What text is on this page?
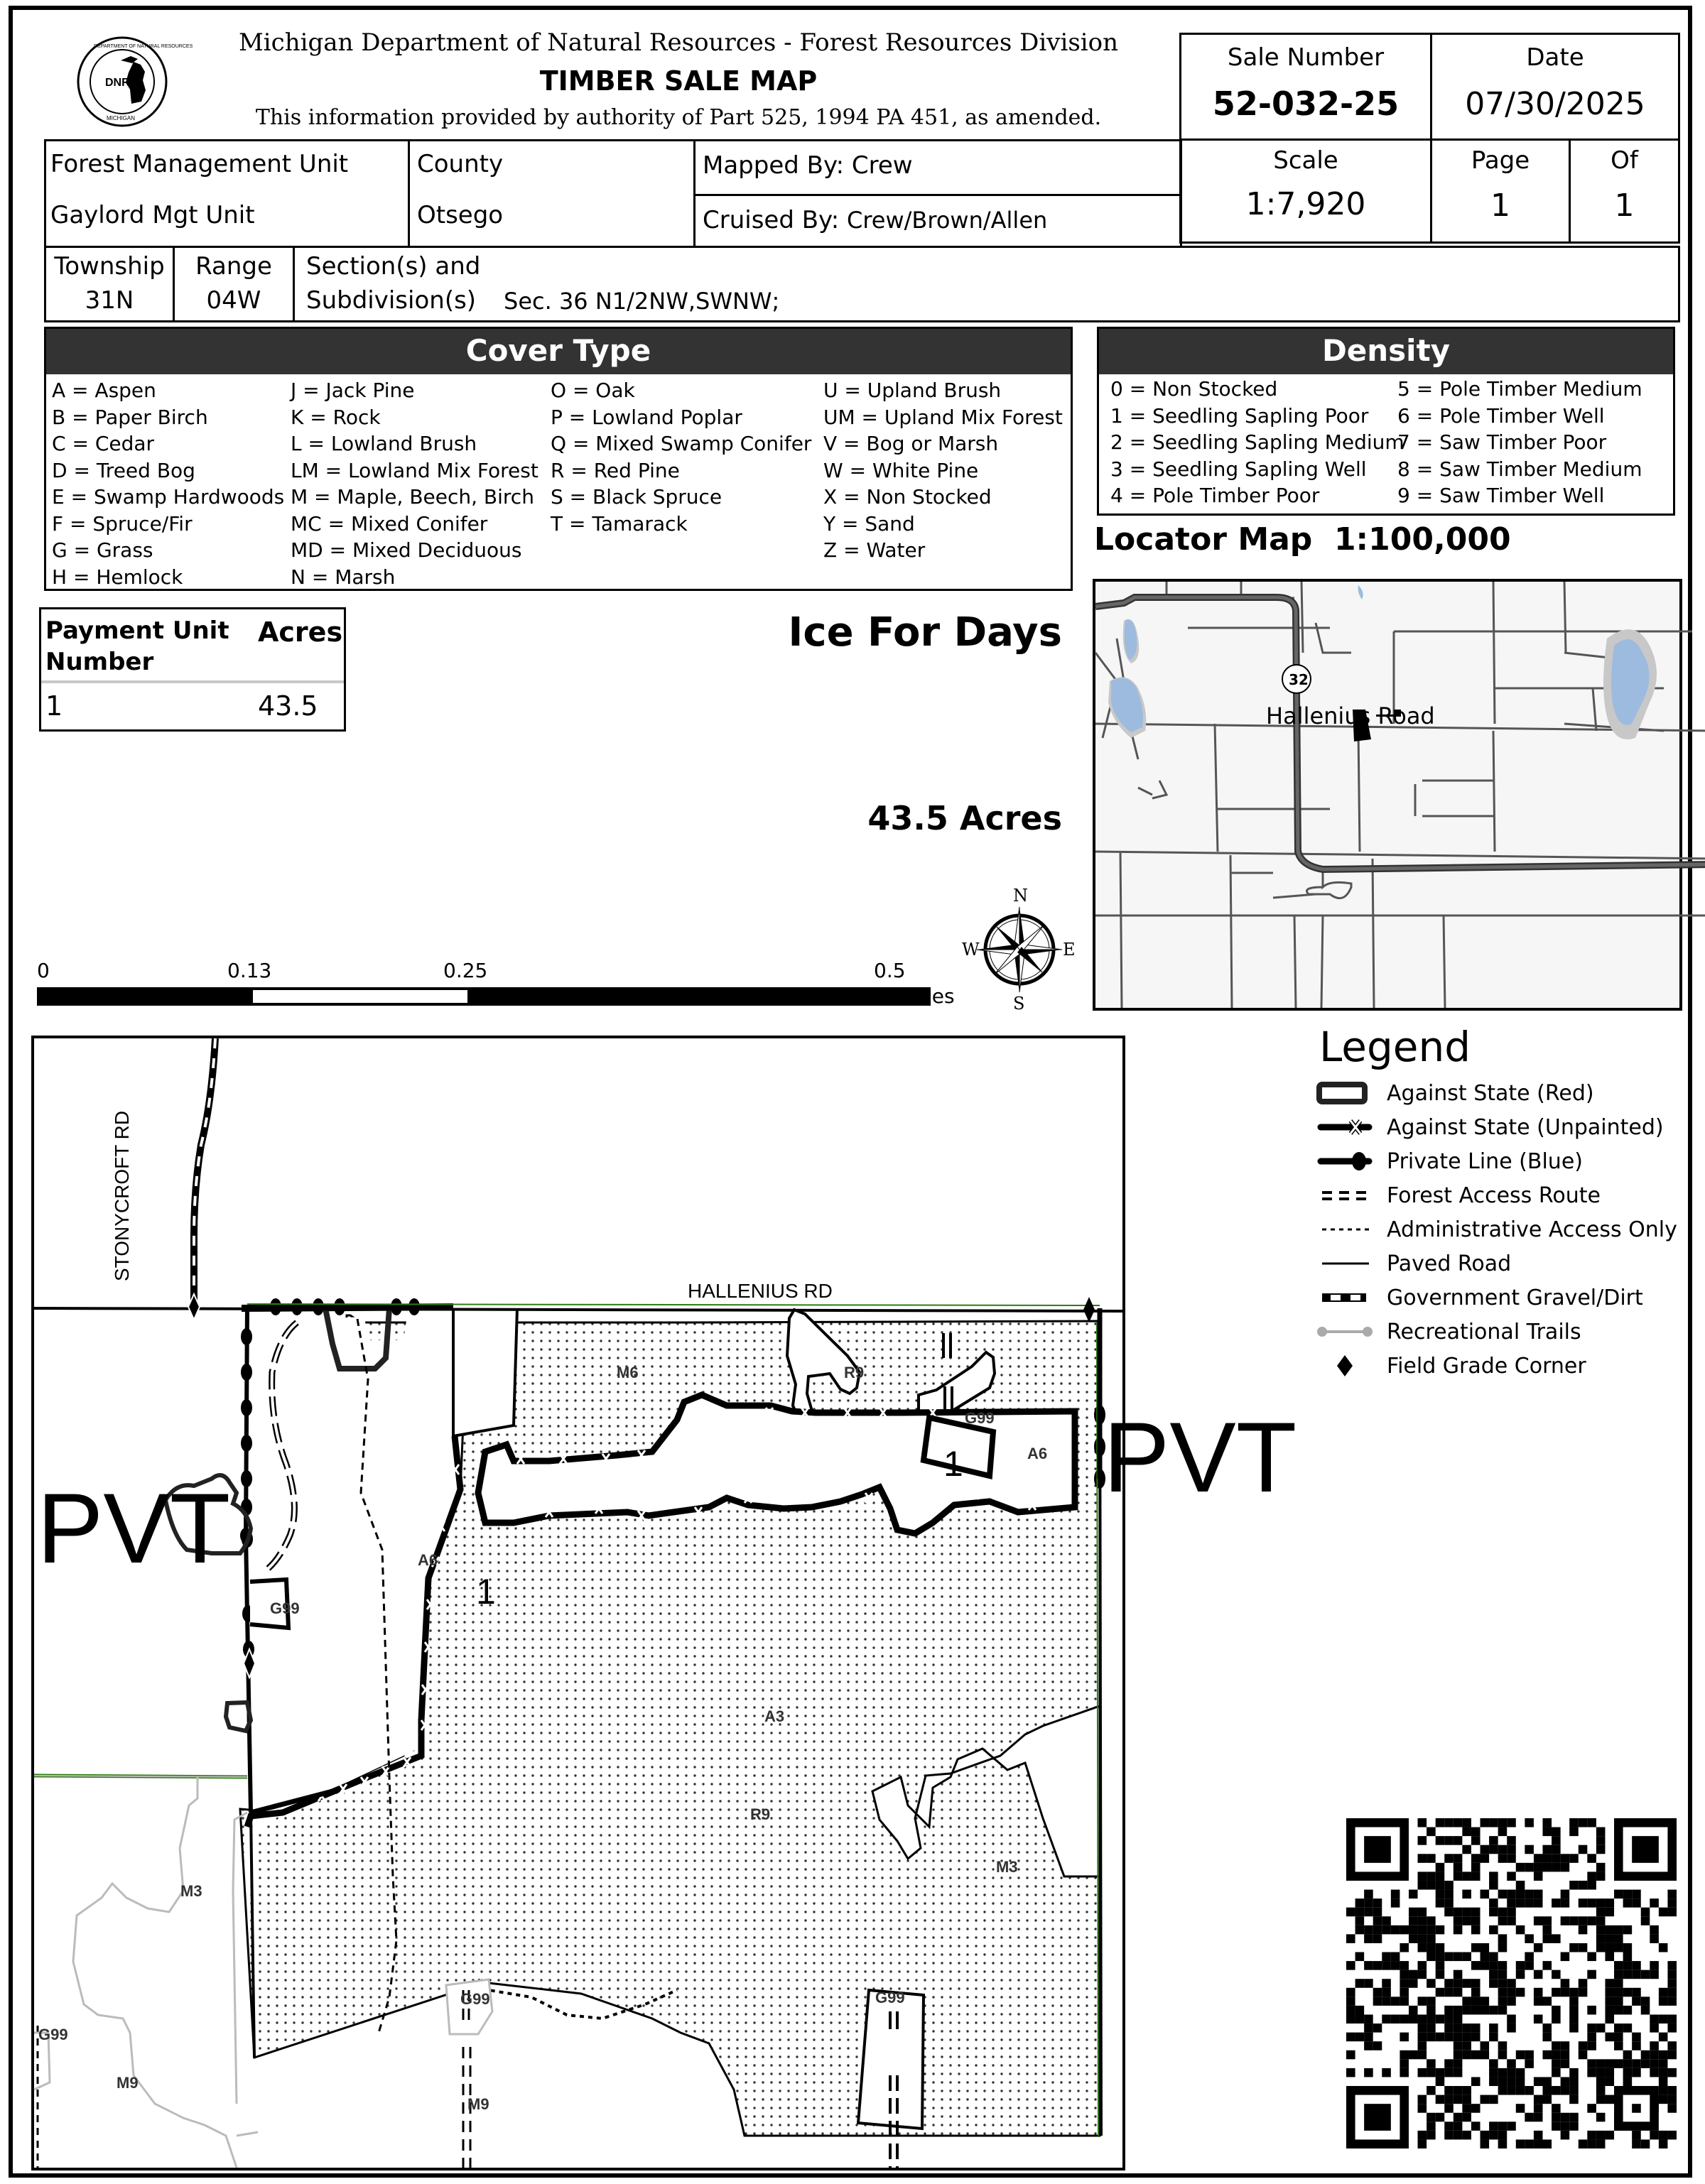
DNR
MICHIGAN
DEPARTMENT OF NATURAL RESOURCES	Michigan Department of Natural Resources - Forest Resources Division
TIMBER SALE MAP
This information provided by authority of Part 525, 1994 PA 451, as amended.
Sale Number
52-032-25
Date
07/30/2025
Scale
1:7,920
Page
1
Of
1
Forest Management Unit
Gaylord Mgt Unit
County
Otsego
Mapped By: Crew
Cruised By: Crew/Brown/Allen
Township
31N
Range
04W
Section(s) and
Subdivision(s) Sec. 36 N1/2NW,SWNW;
Cover Type
A = Aspen
B = Paper Birch
C = Cedar
D = Treed Bog
E = Swamp Hardwoods
F = Spruce/Fir
G = Grass
H = Hemlock
J = Jack Pine
K = Rock
L = Lowland Brush
LM = Lowland Mix Forest
M = Maple, Beech, Birch
MC = Mixed Conifer
MD = Mixed Deciduous
N = Marsh
O = Oak
P = Lowland Poplar
Q = Mixed Swamp Conifer
R = Red Pine
S = Black Spruce
T = Tamarack
U = Upland Brush
UM = Upland Mix Forest
V = Bog or Marsh
W = White Pine
X = Non Stocked
Y = Sand
Z = Water
Density
0 = Non Stocked
1 = Seedling Sapling Poor
2 = Seedling Sapling Medium
3 = Seedling Sapling Well
4 = Pole Timber Poor
5 = Pole Timber Medium
6 = Pole Timber Well
7 = Saw Timber Poor
8 = Saw Timber Medium
9 = Saw Timber Well
Locator Map 1:100,000
Payment Unit Number
Acres
1	43.5
Ice For Days
43.5 Acres
0	0.13	0.25	0.5
Miles
N
S
W	E
32
Hallenius Road
STONYCROFT RD
HALLENIUS RD
PVT
PVT
1
1
M6	R9
G99
A6
G99
A6
A3
R9
M3
M3
G99
M9
G99
M9
G99
Legend
Against State (Red)
Against State (Unpainted)
Private Line (Blue)
Forest Access Route
Administrative Access Only
Paved Road
Government Gravel/Dirt
Recreational Trails
Field Grade Corner
